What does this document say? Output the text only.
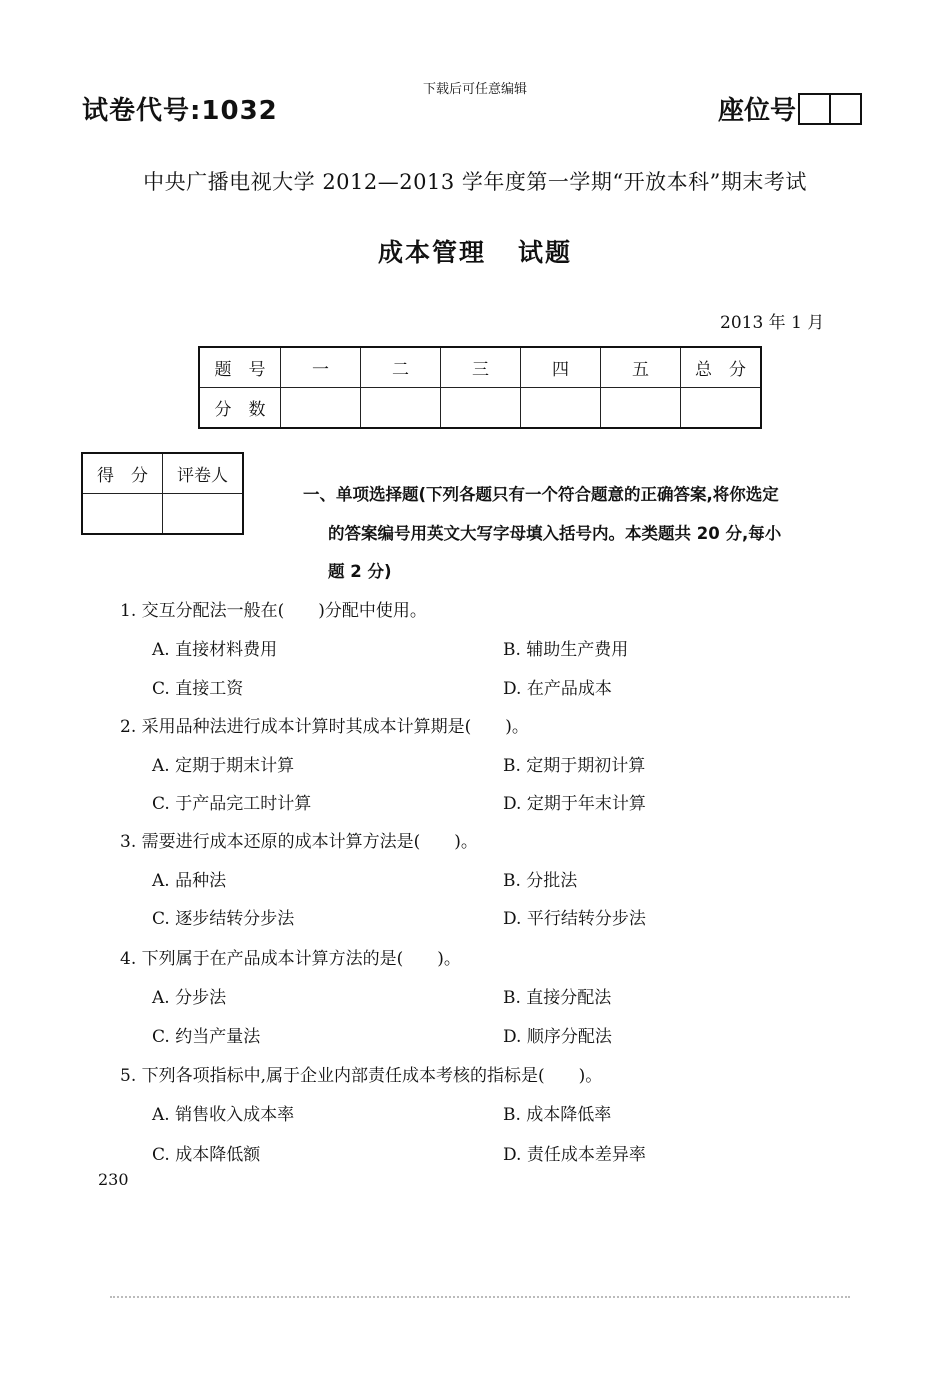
下载后可任意编辑
试卷代号:1032	座位号
中央广播电视大学 2012—2013 学年度第一学期“开放本科”期末考试
成本管理 试题
2013 年 1 月
题　号	一	二	三	四	五	总　分
分　数						
得　分	评卷人

一、单项选择题(下列各题只有一个符合题意的正确答案,将你选定
的答案编号用英文大写字母填入括号内。本类题共 20 分,每小
题 2 分)
1. 交互分配法一般在(　　)分配中使用。
A. 直接材料费用	B. 辅助生产费用
C. 直接工资	D. 在产品成本
2. 采用品种法进行成本计算时其成本计算期是(　　)。
A. 定期于期末计算	B. 定期于期初计算
C. 于产品完工时计算	D. 定期于年末计算
3. 需要进行成本还原的成本计算方法是(　　)。
A. 品种法	B. 分批法
C. 逐步结转分步法	D. 平行结转分步法
4. 下列属于在产品成本计算方法的是(　　)。
A. 分步法	B. 直接分配法
C. 约当产量法	D. 顺序分配法
5. 下列各项指标中,属于企业内部责任成本考核的指标是(　　)。
A. 销售收入成本率	B. 成本降低率
C. 成本降低额	D. 责任成本差异率
230
